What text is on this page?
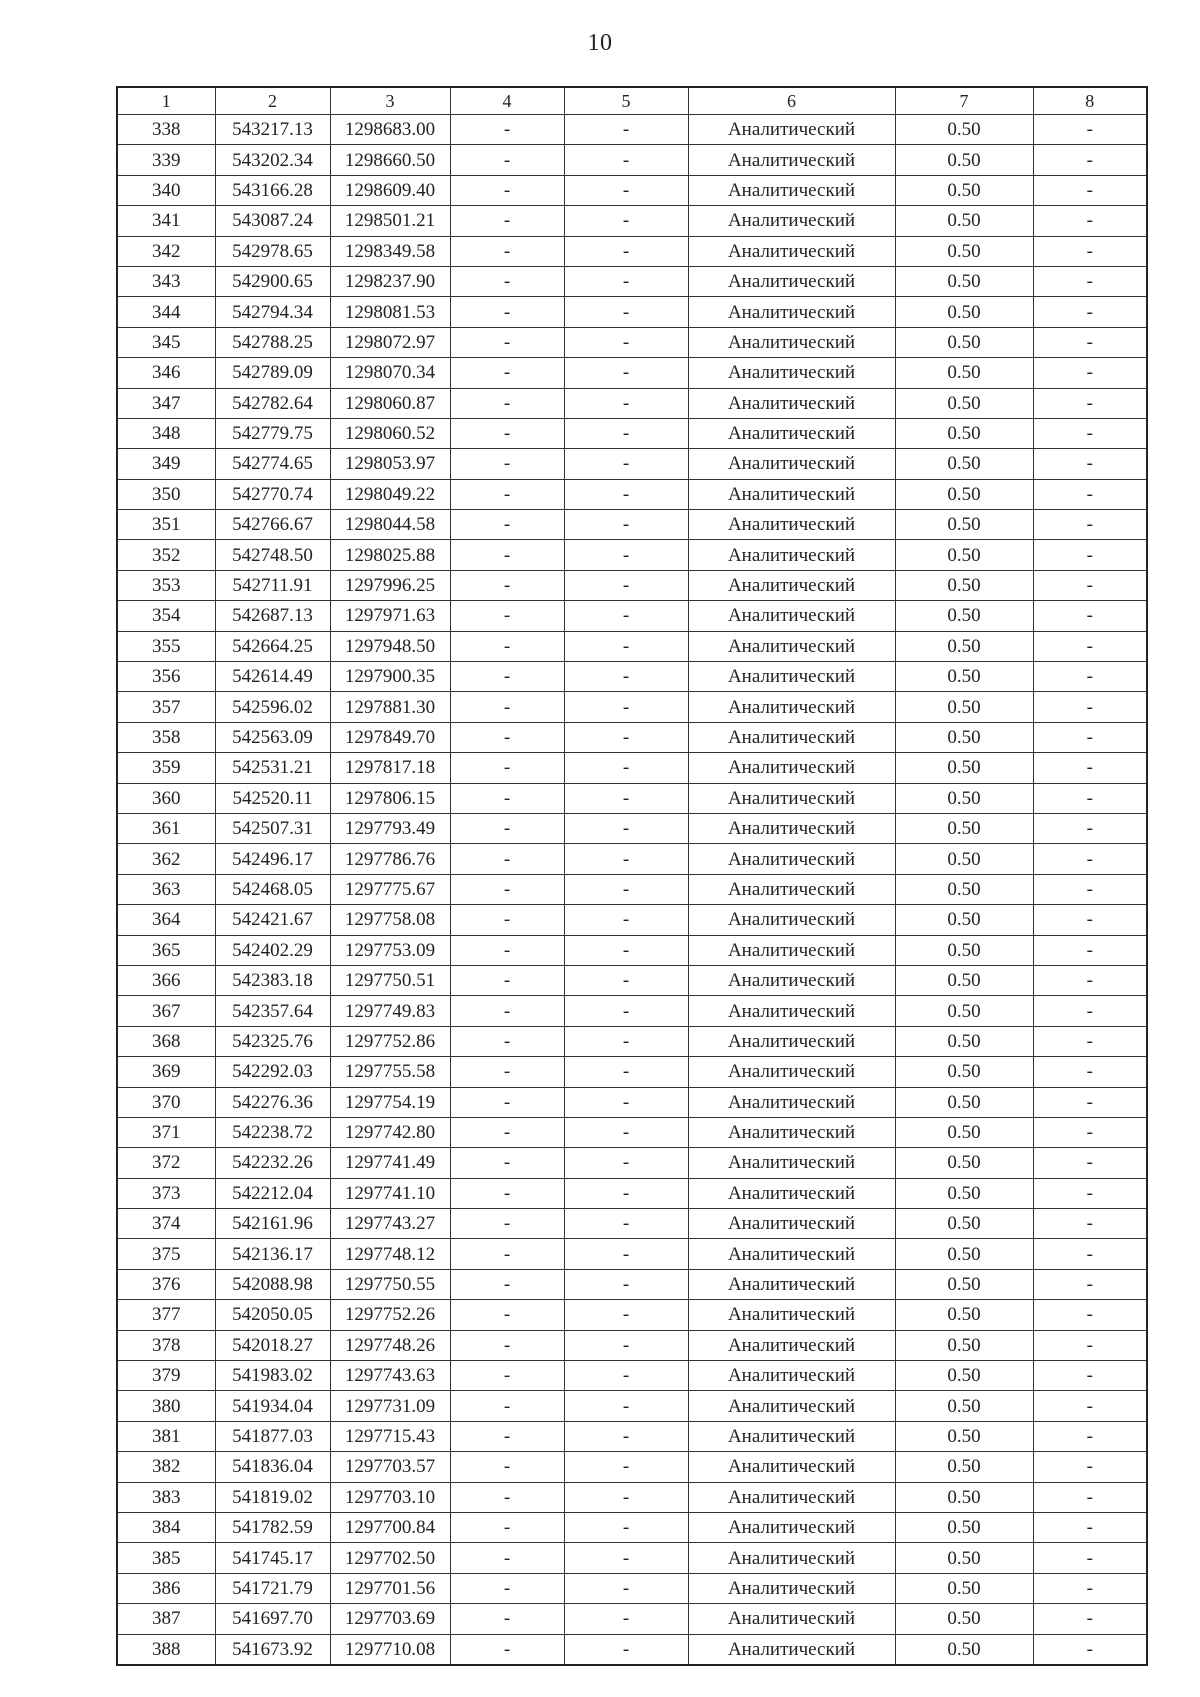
10
1	2	3	4	5	6	7	8
338	543217.13	1298683.00	-	-	Аналитический	0.50	-
339	543202.34	1298660.50	-	-	Аналитический	0.50	-
340	543166.28	1298609.40	-	-	Аналитический	0.50	-
341	543087.24	1298501.21	-	-	Аналитический	0.50	-
342	542978.65	1298349.58	-	-	Аналитический	0.50	-
343	542900.65	1298237.90	-	-	Аналитический	0.50	-
344	542794.34	1298081.53	-	-	Аналитический	0.50	-
345	542788.25	1298072.97	-	-	Аналитический	0.50	-
346	542789.09	1298070.34	-	-	Аналитический	0.50	-
347	542782.64	1298060.87	-	-	Аналитический	0.50	-
348	542779.75	1298060.52	-	-	Аналитический	0.50	-
349	542774.65	1298053.97	-	-	Аналитический	0.50	-
350	542770.74	1298049.22	-	-	Аналитический	0.50	-
351	542766.67	1298044.58	-	-	Аналитический	0.50	-
352	542748.50	1298025.88	-	-	Аналитический	0.50	-
353	542711.91	1297996.25	-	-	Аналитический	0.50	-
354	542687.13	1297971.63	-	-	Аналитический	0.50	-
355	542664.25	1297948.50	-	-	Аналитический	0.50	-
356	542614.49	1297900.35	-	-	Аналитический	0.50	-
357	542596.02	1297881.30	-	-	Аналитический	0.50	-
358	542563.09	1297849.70	-	-	Аналитический	0.50	-
359	542531.21	1297817.18	-	-	Аналитический	0.50	-
360	542520.11	1297806.15	-	-	Аналитический	0.50	-
361	542507.31	1297793.49	-	-	Аналитический	0.50	-
362	542496.17	1297786.76	-	-	Аналитический	0.50	-
363	542468.05	1297775.67	-	-	Аналитический	0.50	-
364	542421.67	1297758.08	-	-	Аналитический	0.50	-
365	542402.29	1297753.09	-	-	Аналитический	0.50	-
366	542383.18	1297750.51	-	-	Аналитический	0.50	-
367	542357.64	1297749.83	-	-	Аналитический	0.50	-
368	542325.76	1297752.86	-	-	Аналитический	0.50	-
369	542292.03	1297755.58	-	-	Аналитический	0.50	-
370	542276.36	1297754.19	-	-	Аналитический	0.50	-
371	542238.72	1297742.80	-	-	Аналитический	0.50	-
372	542232.26	1297741.49	-	-	Аналитический	0.50	-
373	542212.04	1297741.10	-	-	Аналитический	0.50	-
374	542161.96	1297743.27	-	-	Аналитический	0.50	-
375	542136.17	1297748.12	-	-	Аналитический	0.50	-
376	542088.98	1297750.55	-	-	Аналитический	0.50	-
377	542050.05	1297752.26	-	-	Аналитический	0.50	-
378	542018.27	1297748.26	-	-	Аналитический	0.50	-
379	541983.02	1297743.63	-	-	Аналитический	0.50	-
380	541934.04	1297731.09	-	-	Аналитический	0.50	-
381	541877.03	1297715.43	-	-	Аналитический	0.50	-
382	541836.04	1297703.57	-	-	Аналитический	0.50	-
383	541819.02	1297703.10	-	-	Аналитический	0.50	-
384	541782.59	1297700.84	-	-	Аналитический	0.50	-
385	541745.17	1297702.50	-	-	Аналитический	0.50	-
386	541721.79	1297701.56	-	-	Аналитический	0.50	-
387	541697.70	1297703.69	-	-	Аналитический	0.50	-
388	541673.92	1297710.08	-	-	Аналитический	0.50	-
